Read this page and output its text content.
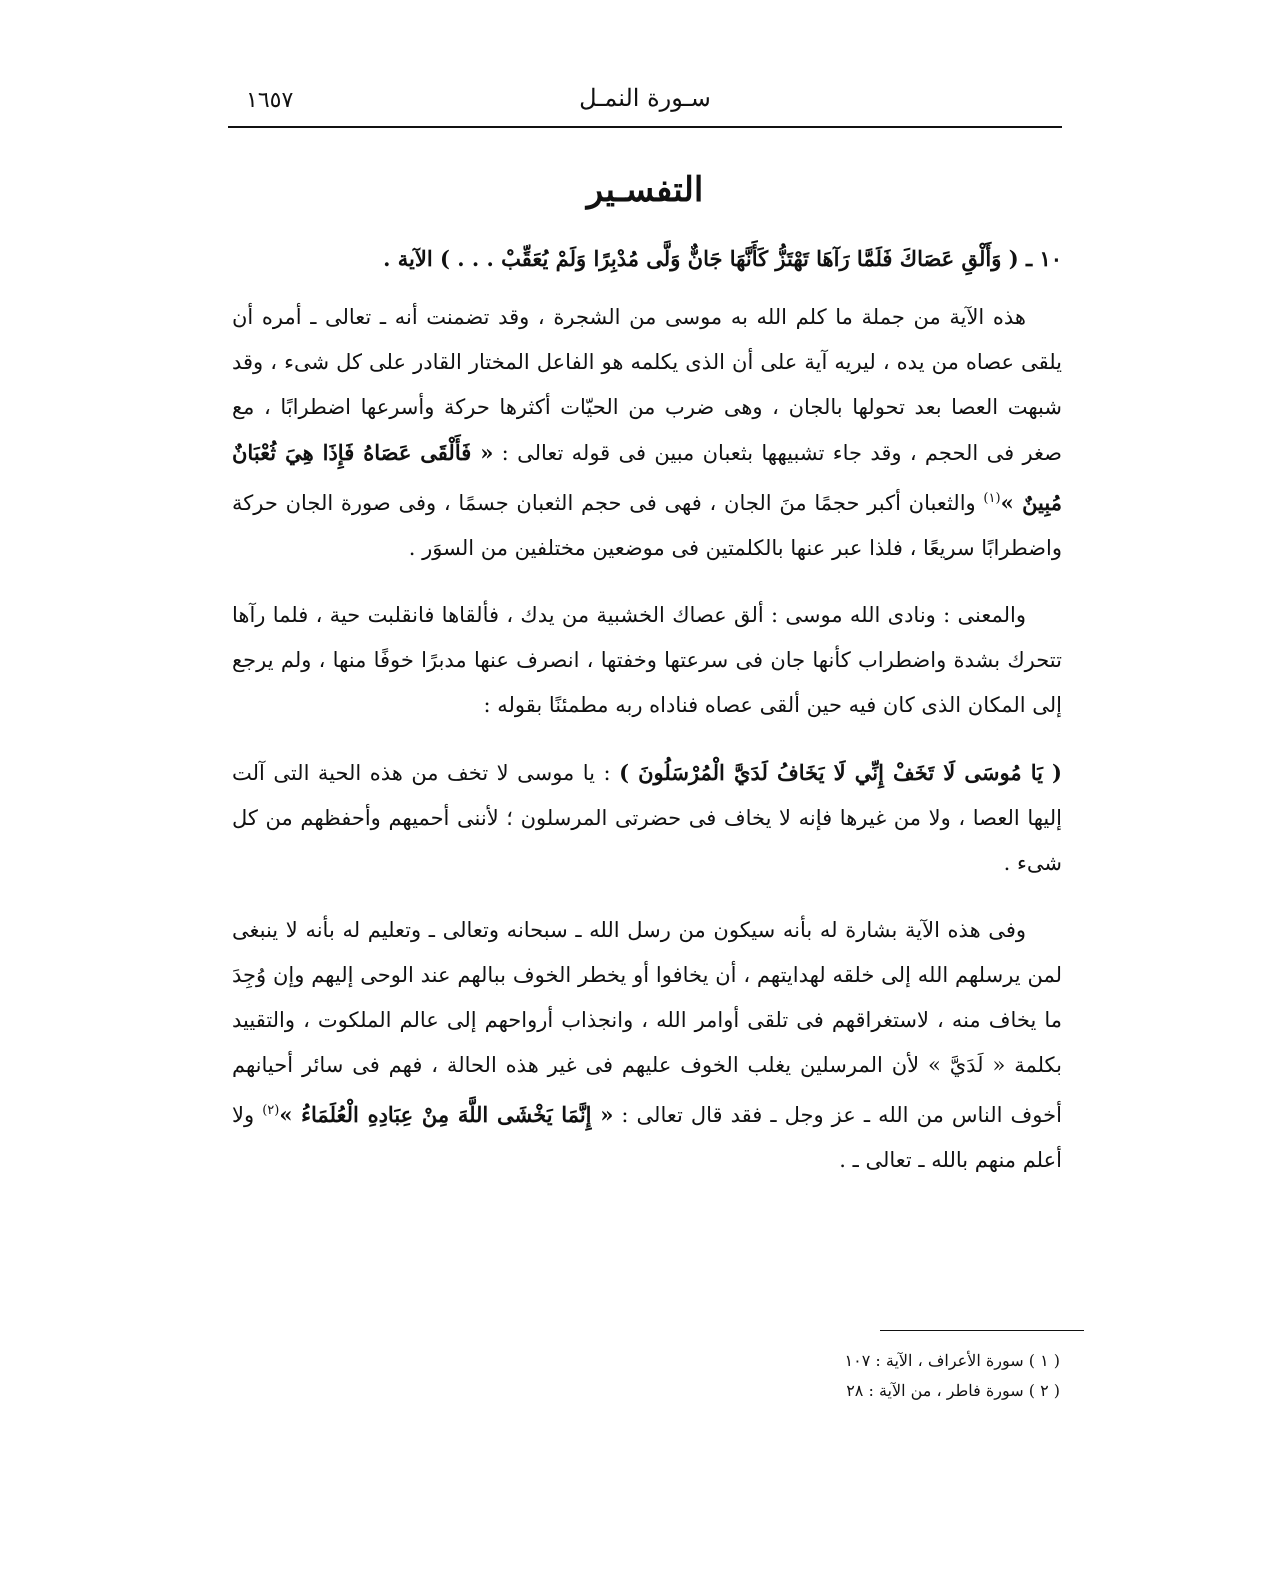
١٦٥٧	سـورة النمـل
التفسـير

١٠ ـ ( وَأَلْقِ عَصَاكَ فَلَمَّا رَآهَا تَهْتَزُّ كَأَنَّهَا جَانٌّ وَلَّى مُدْبِرًا وَلَمْ يُعَقِّبْ . . . ) الآية .

هذه الآية من جملة ما كلم الله به موسى من الشجرة ، وقد تضمنت أنه ـ تعالى ـ أمره أن يلقى عصاه من يده ، ليريه آية على أن الذى يكلمه هو الفاعل المختار القادر على كل شىء ، وقد شبهت العصا بعد تحولها بالجان ، وهى ضرب من الحيّات أكثرها حركة وأسرعها اضطرابًا ، مع صغر فى الحجم ، وقد جاء تشبيهها بثعبان مبين فى قوله تعالى : « فَأَلْقَى عَصَاهُ فَإِذَا هِيَ ثُعْبَانٌ مُبِينٌ »$^{(١)}$ والثعبان أكبر حجمًا منَ الجان ، فهى فى حجم الثعبان جسمًا ، وفى صورة الجان حركة واضطرابًا سريعًا ، فلذا عبر عنها بالكلمتين فى موضعين مختلفين من السوَر .

والمعنى : ونادى الله موسى : ألق عصاك الخشبية من يدك ، فألقاها فانقلبت حية ، فلما رآها تتحرك بشدة واضطراب كأنها جان فى سرعتها وخفتها ، انصرف عنها مدبرًا خوفًا منها ، ولم يرجع إلى المكان الذى كان فيه حين ألقى عصاه فناداه ربه مطمئنًا بقوله :

( يَا مُوسَى لَا تَخَفْ إِنِّي لَا يَخَافُ لَدَيَّ الْمُرْسَلُونَ ) : يا موسى لا تخف من هذه الحية التى آلت إليها العصا ، ولا من غيرها فإنه لا يخاف فى حضرتى المرسلون ؛ لأننى أحميهم وأحفظهم من كل شىء .

وفى هذه الآية بشارة له بأنه سيكون من رسل الله ـ سبحانه وتعالى ـ وتعليم له بأنه لا ينبغى لمن يرسلهم الله إلى خلقه لهدايتهم ، أن يخافوا أو يخطر الخوف ببالهم عند الوحى إليهم وإن وُجِدَ ما يخاف منه ، لاستغراقهم فى تلقى أوامر الله ، وانجذاب أرواحهم إلى عالم الملكوت ، والتقييد بكلمة « لَدَيَّ » لأن المرسلين يغلب الخوف عليهم فى غير هذه الحالة ، فهم فى سائر أحيانهم أخوف الناس من الله ـ عز وجل ـ فقد قال تعالى : « إِنَّمَا يَخْشَى اللَّهَ مِنْ عِبَادِهِ الْعُلَمَاءُ »$^{(٢)}$ ولا أعلم منهم بالله ـ تعالى ـ .

( ١ ) سورة الأعراف ، الآية : ١٠٧
( ٢ ) سورة فاطر ، من الآية : ٢٨
